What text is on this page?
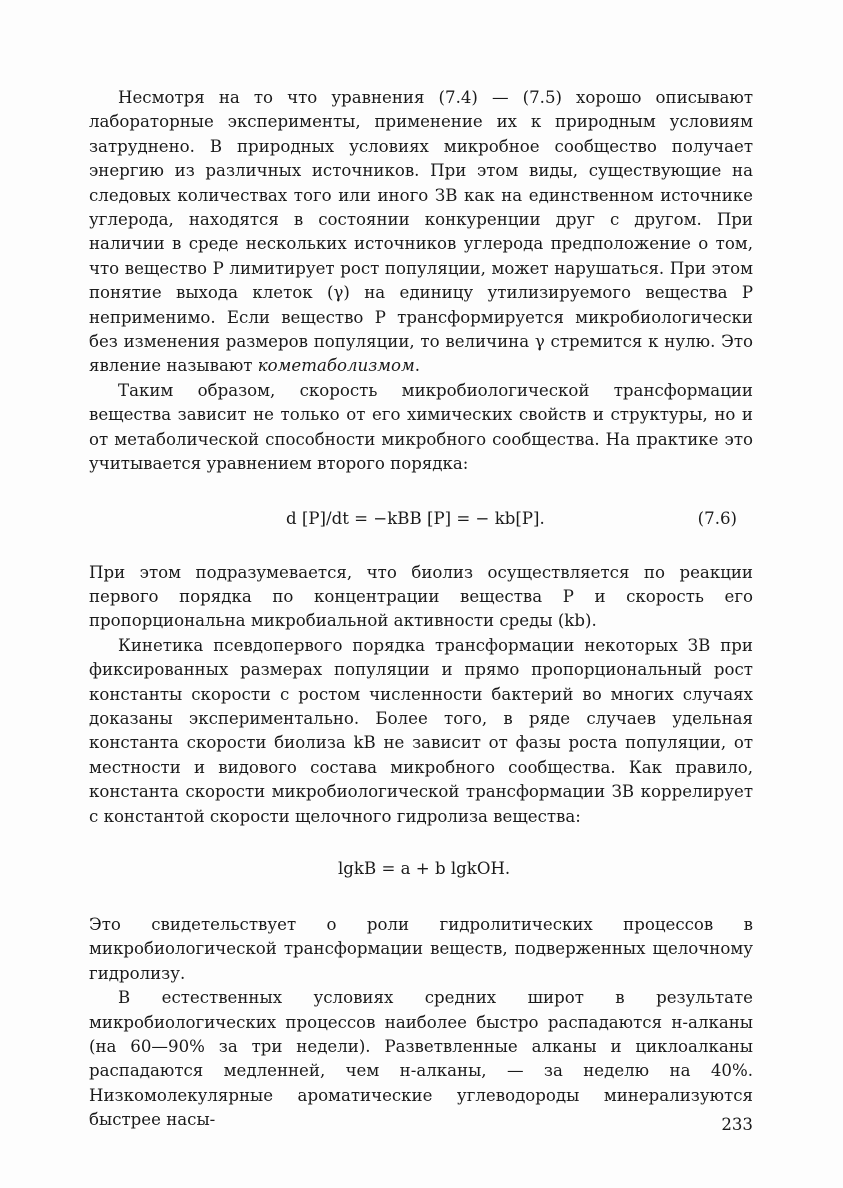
Несмотря на то что уравнения (7.4) — (7.5) хорошо описывают лабораторные эксперименты, применение их к природным условиям затруднено. В природных условиях микробное сообщество получает энергию из различных источников. При этом виды, существующие на следовых количествах того или иного ЗВ как на единственном источнике углерода, находятся в состоянии конкуренции друг с другом. При наличии в среде нескольких источников углерода предположение о том, что вещество Р лимитирует рост популяции, может нарушаться. При этом понятие выхода клеток (γ) на единицу утилизируемого вещества Р неприменимо. Если вещество Р трансформируется микробиологически без изменения размеров популяции, то величина γ стремится к нулю. Это явление называют кометаболизмом.

Таким образом, скорость микробиологической трансформации вещества зависит не только от его химических свойств и структуры, но и от метаболической способности микробного сообщества. На практике это учитывается уравнением второго порядка:

d [P]/dt = −kBB [P] = − kb[P].	(7.6)

При этом подразумевается, что биолиз осуществляется по реакции первого порядка по концентрации вещества Р и скорость его пропорциональна микробиальной активности среды (kb).

Кинетика псевдопервого порядка трансформации некоторых ЗВ при фиксированных размерах популяции и прямо пропорциональный рост константы скорости с ростом численности бактерий во многих случаях доказаны экспериментально. Более того, в ряде случаев удельная константа скорости биолиза kB не зависит от фазы роста популяции, от местности и видового состава микробного сообщества. Как правило, константа скорости микробиологической трансформации ЗВ коррелирует с константой скорости щелочного гидролиза вещества:

lgkB = a + b lgkOH.

Это свидетельствует о роли гидролитических процессов в микробиологической трансформации веществ, подверженных щелочному гидролизу.

В естественных условиях средних широт в результате микробиологических процессов наиболее быстро распадаются н-алканы (на 60—90% за три недели). Разветвленные алканы и циклоалканы распадаются медленней, чем н-алканы, — за неделю на 40%. Низкомолекулярные ароматические углеводороды минерализуются быстрее насы-	233
